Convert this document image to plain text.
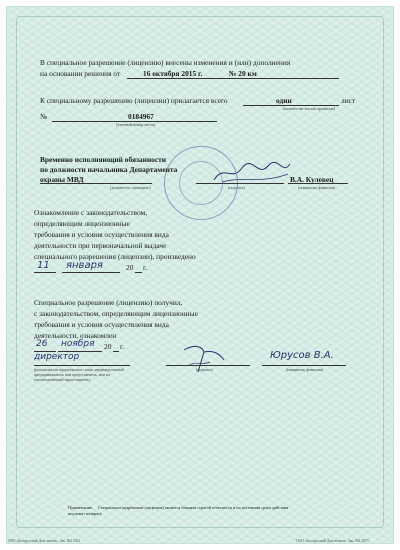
В специальное разрешение (лицензию) внесены изменения и (или) дополнения
на основании решения от	16 октября 2015 г.	№ 20 км
К специальному разрешению (лицензии) прилагается всего	один	лист
(количество листов прописью)
№	0184967
(учетный номер листа)
Временно исполняющий обязанности
по должности начальника Департамента
охраны МВД	В.А. Кулевец
(должность служащего)	(подпись)	(инициалы, фамилия)
Ознакомление с законодательством,
определяющим лицензионные
требования и условия осуществления вида
деятельности при первоначальной выдаче
специального разрешения (лицензии), произведено
11 января	20 г.
Специальное разрешение (лицензию) получил,
с законодательством, определяющим лицензионные
требования и условия осуществления вида
деятельности, ознакомлен
26 ноября 20 г.
директор
(руководитель юридического лица, индивидуальный
предприниматель или представитель, или их
уполномоченный представитель)
(подпись)
Юрусов В.А.
(инициалы, фамилия)
Примечание. Специальное разрешение (лицензия) является бланком строгой отчетности и по истечении срока действия
подлежит возврату.
ОАО «Белорусский Дом печати». Зак. 002 2013	ООО «Белорусский Дом печати». Зак. 002 2013
